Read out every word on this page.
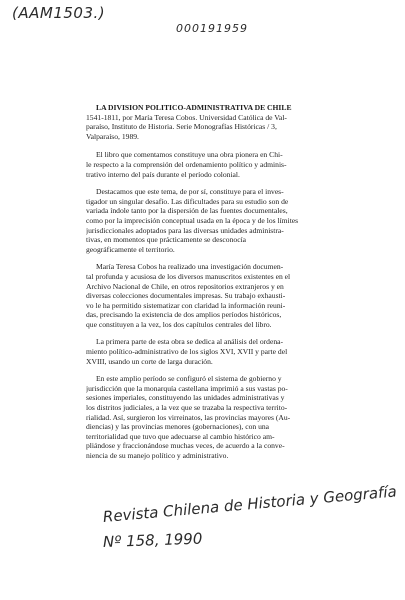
(AAM1503.)
000191959
LA DIVISION POLITICO-ADMINISTRATIVA DE CHILE
1541-1811, por María Teresa Cobos. Universidad Católica de Val-
paraíso, Instituto de Historia. Serie Monografías Históricas / 3,
Valparaíso, 1989.
El libro que comentamos constituye una obra pionera en Chi-
le respecto a la comprensión del ordenamiento político y adminis-
trativo interno del país durante el período colonial.
Destacamos que este tema, de por sí, constituye para el inves-
tigador un singular desafío. Las dificultades para su estudio son de
variada índole tanto por la dispersión de las fuentes documentales,
como por la imprecisión conceptual usada en la época y de los límites
jurisdiccionales adoptados para las diversas unidades administra-
tivas, en momentos que prácticamente se desconocía
geográficamente el territorio.
María Teresa Cobos ha realizado una investigación documen-
tal profunda y acusiosa de los diversos manuscritos existentes en el
Archivo Nacional de Chile, en otros repositorios extranjeros y en
diversas colecciones documentales impresas. Su trabajo exhausti-
vo le ha permitido sistematizar con claridad la información reuni-
das, precisando la existencia de dos amplios períodos históricos,
que constituyen a la vez, los dos capítulos centrales del libro.
La primera parte de esta obra se dedica al análisis del ordena-
miento político-administrativo de los siglos XVI, XVII y parte del
XVIII, usando un corte de larga duración.
En este amplio período se configuró el sistema de gobierno y
jurisdicción que la monarquía castellana imprimió a sus vastas po-
sesiones imperiales, constituyendo las unidades administrativas y
los distritos judiciales, a la vez que se trazaba la respectiva territo-
rialidad. Así, surgieron los virreinatos, las provincias mayores (Au-
diencias) y las provincias menores (gobernaciones), con una
territorialidad que tuvo que adecuarse al cambio histórico am-
pliándose y fraccionándose muchas veces, de acuerdo a la conve-
niencia de su manejo político y administrativo.
Revista Chilena de Historia y Geografía
Nº 158, 1990
